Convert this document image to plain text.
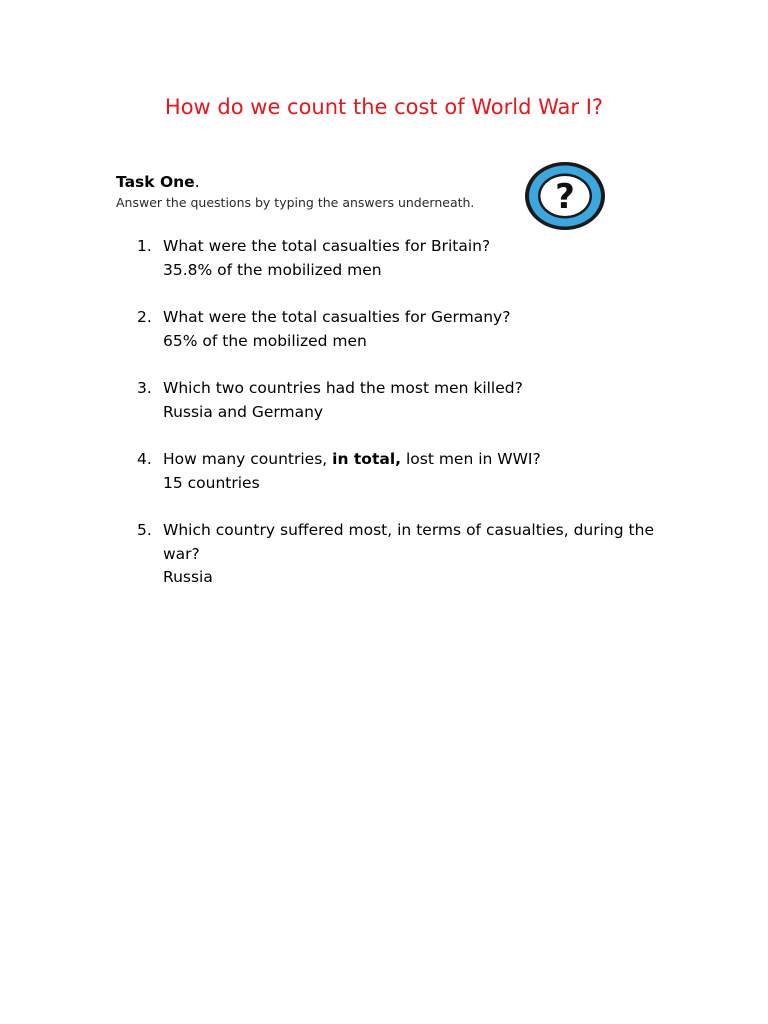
How do we count the cost of World War I?
Task One.
Answer the questions by typing the answers underneath. ?
1. What were the total casualties for Britain?
35.8% of the mobilized men
2. What were the total casualties for Germany?
65% of the mobilized men
3. Which two countries had the most men killed?
Russia and Germany
4. How many countries, in total, lost men in WWI?
15 countries
5. Which country suffered most, in terms of casualties, during the war?
Russia
